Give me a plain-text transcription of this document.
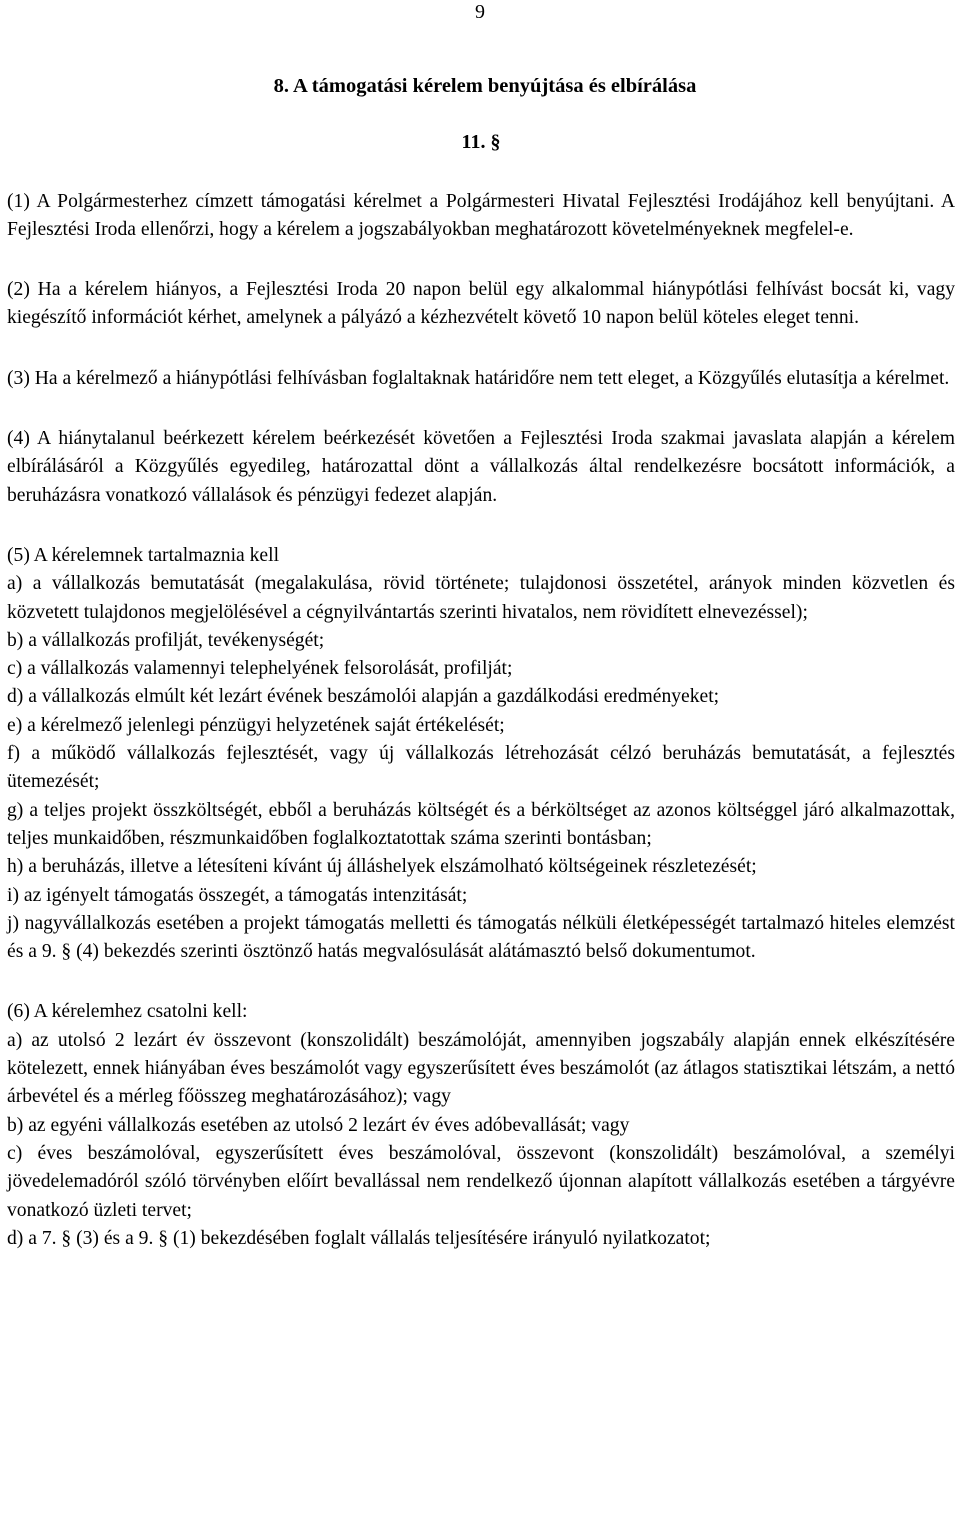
9
8. A támogatási kérelem benyújtása és elbírálása
11. §

(1) A Polgármesterhez címzett támogatási kérelmet a Polgármesteri Hivatal Fejlesztési Irodájához kell benyújtani. A Fejlesztési Iroda ellenőrzi, hogy a kérelem a jogszabályokban meghatározott követelményeknek megfelel-e.

(2) Ha a kérelem hiányos, a Fejlesztési Iroda 20 napon belül egy alkalommal hiánypótlási felhívást bocsát ki, vagy kiegészítő információt kérhet, amelynek a pályázó a kézhezvételt követő 10 napon belül köteles eleget tenni.

(3) Ha a kérelmező a hiánypótlási felhívásban foglaltaknak határidőre nem tett eleget, a Közgyűlés elutasítja a kérelmet.

(4) A hiánytalanul beérkezett kérelem beérkezését követően a Fejlesztési Iroda szakmai javaslata alapján a kérelem elbírálásáról a Közgyűlés egyedileg, határozattal dönt a vállalkozás által rendelkezésre bocsátott információk, a beruházásra vonatkozó vállalások és pénzügyi fedezet alapján.

(5) A kérelemnek tartalmaznia kell

a) a vállalkozás bemutatását (megalakulása, rövid története; tulajdonosi összetétel, arányok minden közvetlen és közvetett tulajdonos megjelölésével a cégnyilvántartás szerinti hivatalos, nem rövidített elnevezéssel);

b) a vállalkozás profilját, tevékenységét;

c) a vállalkozás valamennyi telephelyének felsorolását, profilját;

d) a vállalkozás elmúlt két lezárt évének beszámolói alapján a gazdálkodási eredményeket;

e) a kérelmező jelenlegi pénzügyi helyzetének saját értékelését;

f) a működő vállalkozás fejlesztését, vagy új vállalkozás létrehozását célzó beruházás bemutatását, a fejlesztés ütemezését;

g) a teljes projekt összköltségét, ebből a beruházás költségét és a bérköltséget az azonos költséggel járó alkalmazottak, teljes munkaidőben, részmunkaidőben foglalkoztatottak száma szerinti bontásban;

h) a beruházás, illetve a létesíteni kívánt új álláshelyek elszámolható költségeinek részletezését;

i) az igényelt támogatás összegét, a támogatás intenzitását;

j) nagyvállalkozás esetében a projekt támogatás melletti és támogatás nélküli életképességét tartalmazó hiteles elemzést és a 9. § (4) bekezdés szerinti ösztönző hatás megvalósulását alátámasztó belső dokumentumot.

(6) A kérelemhez csatolni kell:

a) az utolsó 2 lezárt év összevont (konszolidált) beszámolóját, amennyiben jogszabály alapján ennek elkészítésére kötelezett, ennek hiányában éves beszámolót vagy egyszerűsített éves beszámolót (az átlagos statisztikai létszám, a nettó árbevétel és a mérleg főösszeg meghatározásához); vagy

b) az egyéni vállalkozás esetében az utolsó 2 lezárt év éves adóbevallását; vagy

c) éves beszámolóval, egyszerűsített éves beszámolóval, összevont (konszolidált) beszámolóval, a személyi jövedelemadóról szóló törvényben előírt bevallással nem rendelkező újonnan alapított vállalkozás esetében a tárgyévre vonatkozó üzleti tervet;

d) a 7. § (3) és a 9. § (1) bekezdésében foglalt vállalás teljesítésére irányuló nyilatkozatot;
